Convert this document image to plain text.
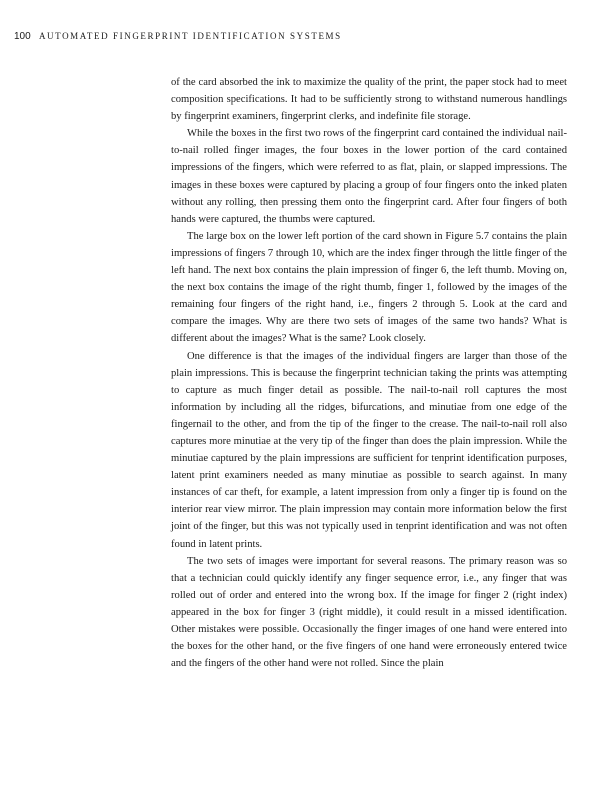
100 AUTOMATED FINGERPRINT IDENTIFICATION SYSTEMS

of the card absorbed the ink to maximize the quality of the print, the paper stock had to meet composition specifications. It had to be sufficiently strong to withstand numerous handlings by fingerprint examiners, fingerprint clerks, and indefinite file storage.

While the boxes in the first two rows of the fingerprint card contained the individual nail-to-nail rolled finger images, the four boxes in the lower portion of the card contained impressions of the fingers, which were referred to as flat, plain, or slapped impressions. The images in these boxes were captured by placing a group of four fingers onto the inked platen without any rolling, then pressing them onto the fingerprint card. After four fingers of both hands were captured, the thumbs were captured.

The large box on the lower left portion of the card shown in Figure 5.7 contains the plain impressions of fingers 7 through 10, which are the index finger through the little finger of the left hand. The next box contains the plain impression of finger 6, the left thumb. Moving on, the next box contains the image of the right thumb, finger 1, followed by the images of the remaining four fingers of the right hand, i.e., fingers 2 through 5. Look at the card and compare the images. Why are there two sets of images of the same two hands? What is different about the images? What is the same? Look closely.

One difference is that the images of the individual fingers are larger than those of the plain impressions. This is because the fingerprint technician taking the prints was attempting to capture as much finger detail as possible. The nail-to-nail roll captures the most information by including all the ridges, bifurcations, and minutiae from one edge of the fingernail to the other, and from the tip of the finger to the crease. The nail-to-nail roll also captures more minutiae at the very tip of the finger than does the plain impression. While the minutiae captured by the plain impressions are sufficient for tenprint identification purposes, latent print examiners needed as many minutiae as possible to search against. In many instances of car theft, for example, a latent impression from only a finger tip is found on the interior rear view mirror. The plain impression may contain more information below the first joint of the finger, but this was not typically used in tenprint identification and was not often found in latent prints.

The two sets of images were important for several reasons. The primary reason was so that a technician could quickly identify any finger sequence error, i.e., any finger that was rolled out of order and entered into the wrong box. If the image for finger 2 (right index) appeared in the box for finger 3 (right middle), it could result in a missed identification. Other mistakes were possible. Occasionally the finger images of one hand were entered into the boxes for the other hand, or the five fingers of one hand were erroneously entered twice and the fingers of the other hand were not rolled. Since the plain
